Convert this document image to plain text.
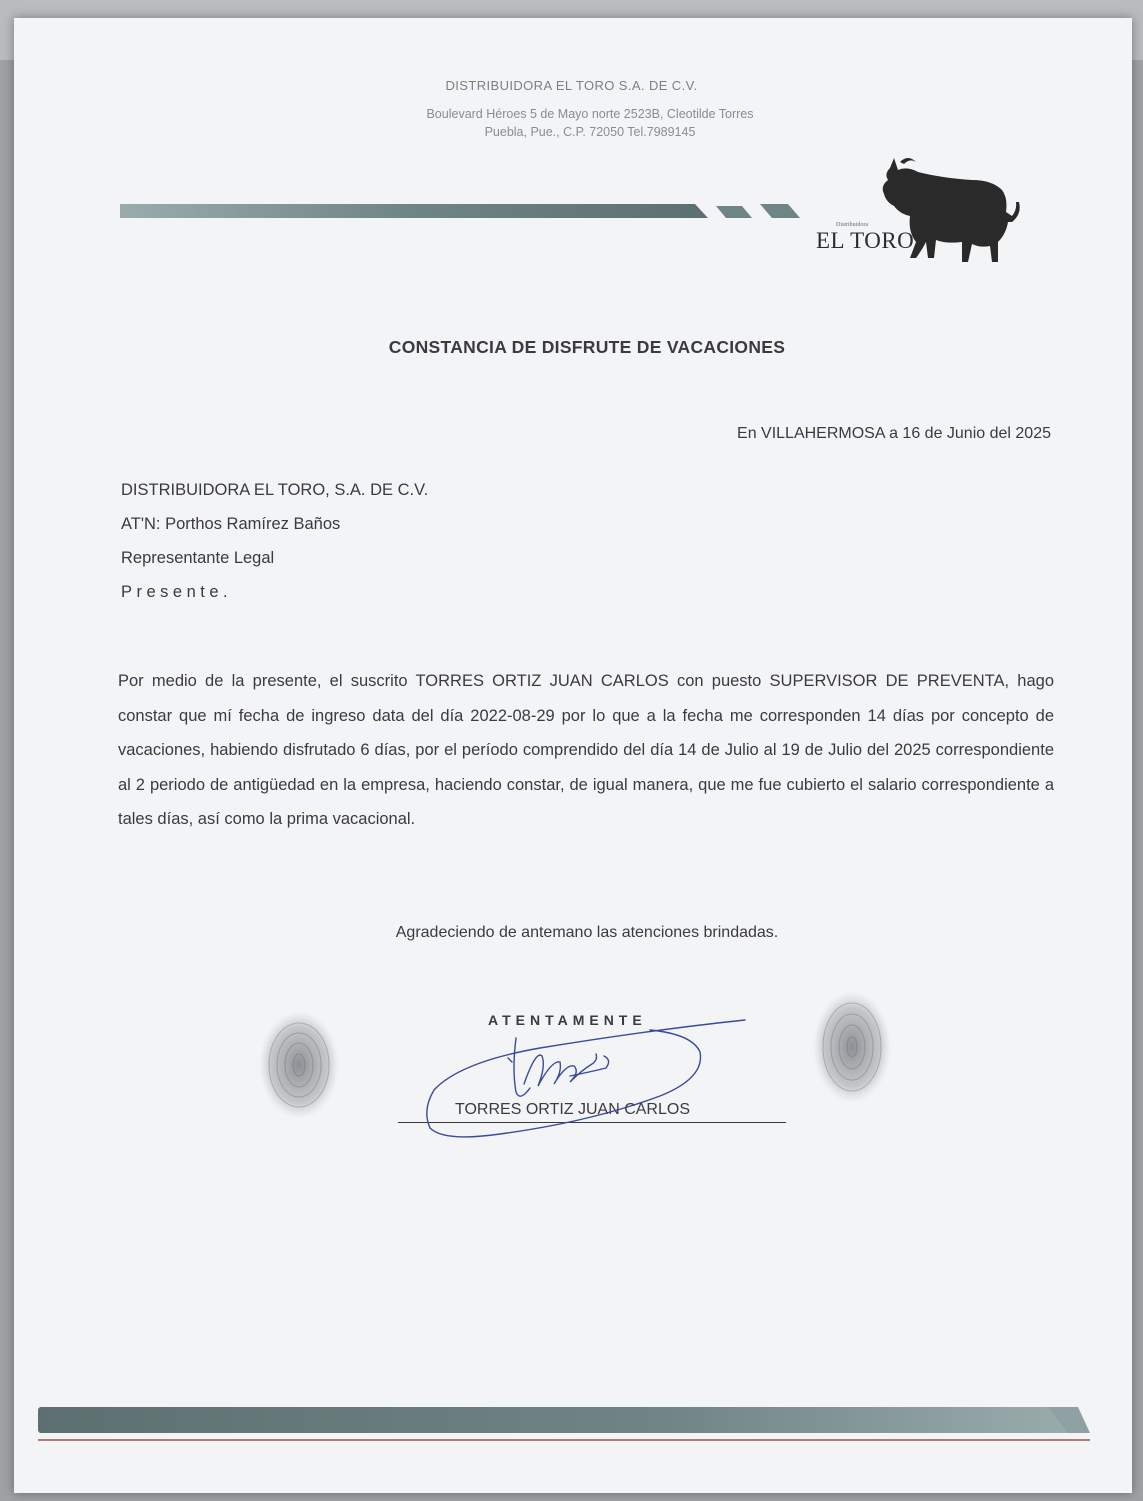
DISTRIBUIDORA EL TORO S.A. DE C.V.
Boulevard Héroes 5 de Mayo norte 2523B, Cleotilde Torres
Puebla, Pue., C.P. 72050 Tel.7989145
Distribuidora
EL TORO
CONSTANCIA DE DISFRUTE DE VACACIONES
En VILLAHERMOSA a 16 de Junio del 2025
DISTRIBUIDORA EL TORO, S.A. DE C.V.
AT'N: Porthos Ramírez Baños
Representante Legal
Presente.

Por medio de la presente, el suscrito TORRES ORTIZ JUAN CARLOS con puesto SUPERVISOR DE PREVENTA, hago constar que mí fecha de ingreso data del día 2022-08-29 por lo que a la fecha me corresponden 14 días por concepto de vacaciones, habiendo disfrutado 6 días, por el período comprendido del día 14 de Julio al 19 de Julio del 2025 correspondiente al 2 periodo de antigüedad en la empresa, haciendo constar, de igual manera, que me fue cubierto el salario correspondiente a tales días, así como la prima vacacional.

Agradeciendo de antemano las atenciones brindadas.
ATENTAMENTE
TORRES ORTIZ JUAN CARLOS
